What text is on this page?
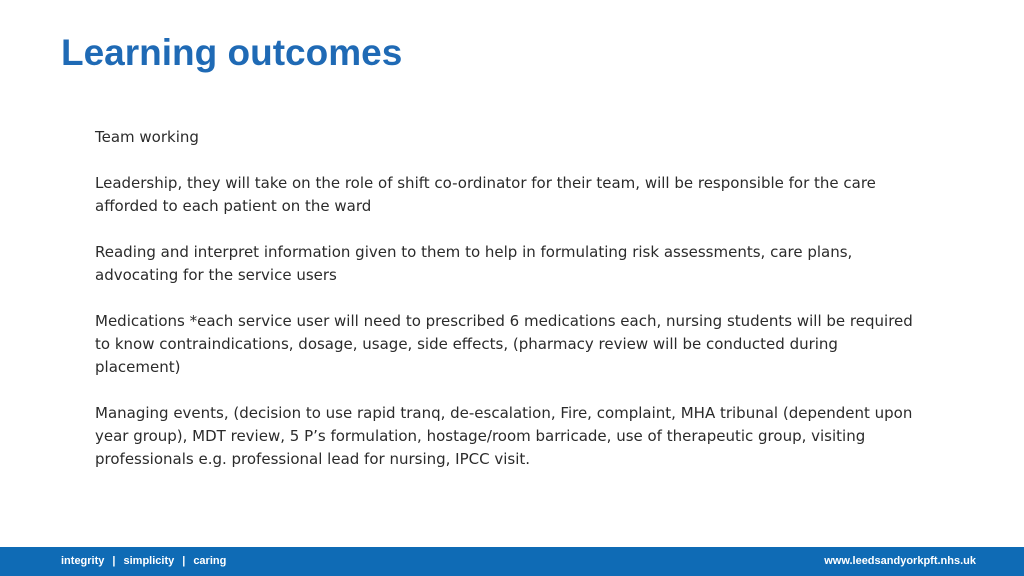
Learning outcomes

Team working

Leadership, they will take on the role of shift co-ordinator for their team, will be responsible for the care afforded to each patient on the ward

Reading and interpret information given to them to help in formulating risk assessments, care plans, advocating for the service users

Medications *each service user will need to prescribed 6 medications each, nursing students will be required to know contraindications, dosage, usage, side effects, (pharmacy review will be conducted during placement)

Managing events, (decision to use rapid tranq, de-escalation, Fire, complaint, MHA tribunal (dependent upon year group), MDT review, 5 P’s formulation, hostage/room barricade, use of therapeutic group, visiting professionals e.g. professional lead for nursing, IPCC visit.

integrity | simplicity | caring	www.leedsandyorkpft.nhs.uk
